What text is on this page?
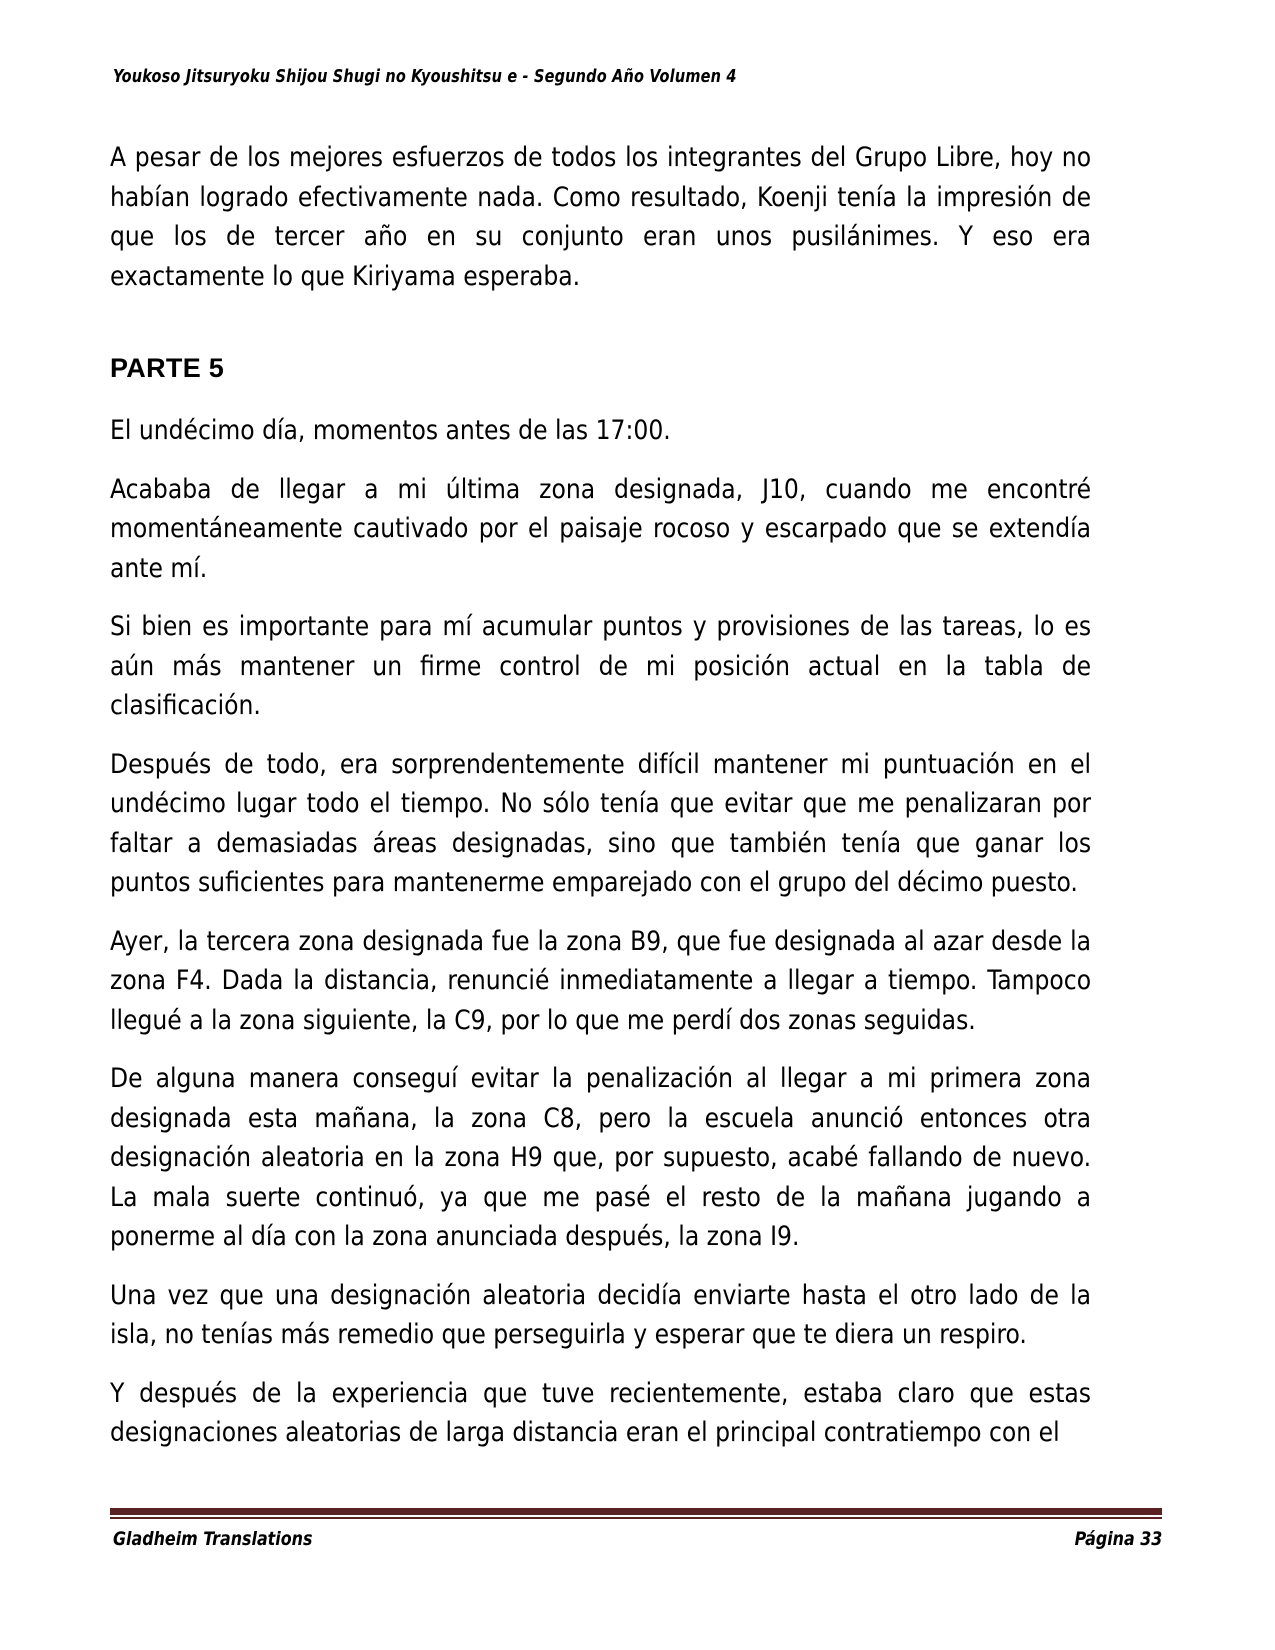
Youkoso Jitsuryoku Shijou Shugi no Kyoushitsu e - Segundo Año Volumen 4

A pesar de los mejores esfuerzos de todos los integrantes del Grupo Libre, hoy no habían logrado efectivamente nada. Como resultado, Koenji tenía la impresión de que los de tercer año en su conjunto eran unos pusilánimes. Y eso era exactamente lo que Kiriyama esperaba.

PARTE 5

El undécimo día, momentos antes de las 17:00.

Acababa de llegar a mi última zona designada, J10, cuando me encontré momentáneamente cautivado por el paisaje rocoso y escarpado que se extendía ante mí.

Si bien es importante para mí acumular puntos y provisiones de las tareas, lo es aún más mantener un firme control de mi posición actual en la tabla de clasificación.

Después de todo, era sorprendentemente difícil mantener mi puntuación en el undécimo lugar todo el tiempo. No sólo tenía que evitar que me penalizaran por faltar a demasiadas áreas designadas, sino que también tenía que ganar los puntos suficientes para mantenerme emparejado con el grupo del décimo puesto.

Ayer, la tercera zona designada fue la zona B9, que fue designada al azar desde la zona F4. Dada la distancia, renuncié inmediatamente a llegar a tiempo. Tampoco llegué a la zona siguiente, la C9, por lo que me perdí dos zonas seguidas.

De alguna manera conseguí evitar la penalización al llegar a mi primera zona designada esta mañana, la zona C8, pero la escuela anunció entonces otra designación aleatoria en la zona H9 que, por supuesto, acabé fallando de nuevo. La mala suerte continuó, ya que me pasé el resto de la mañana jugando a ponerme al día con la zona anunciada después, la zona I9.

Una vez que una designación aleatoria decidía enviarte hasta el otro lado de la isla, no tenías más remedio que perseguirla y esperar que te diera un respiro.

Y después de la experiencia que tuve recientemente, estaba claro que estas designaciones aleatorias de larga distancia eran el principal contratiempo con el

Gladheim Translations	Página 33
